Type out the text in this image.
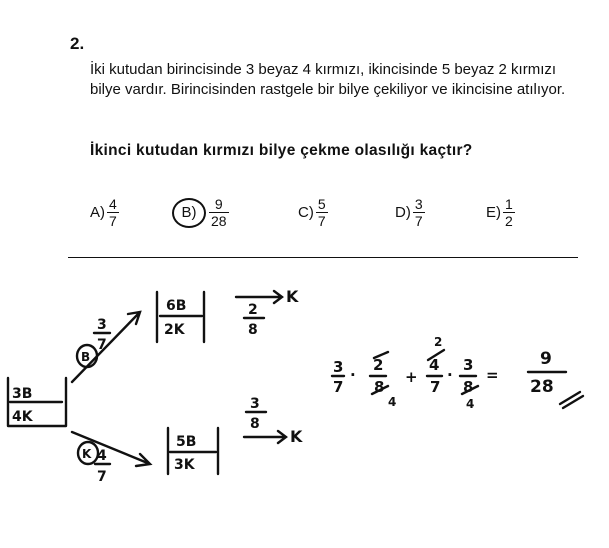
2.
İki kutudan birincisinde 3 beyaz 4 kırmızı, ikincisinde 5 beyaz 2 kırmızı bilye vardır. Birincisinden rastgele bir bilye çekiliyor ve ikincisine atılıyor.
İkinci kutudan kırmızı bilye çekme olasılığı kaçtır?
$A) \frac{4}{7}$	$B) \frac{9}{28}$	$C) \frac{5}{7}$	$D) \frac{3}{7}$	$E) \frac{1}{2}$
3B
4K
B
3
7
K 4
7
6B
2K
2
8
K
5B
3K
3
8
K
3
7
·
2
8
4
+
2
4
7
·
3
8
4
=
9
28
